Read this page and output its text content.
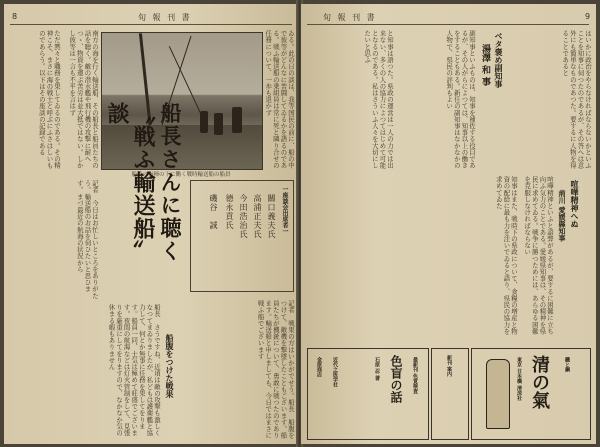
8	旬 報 刊 書
ゐる。此の日の談は、我等国民の前に、船の中で彼等がどんなに苦闘してゐるかを語るのである。戦ふ輸送船の乗組員は常に死と隣り合せの任務について、一歩も退かず
南方の海を行く輸送船、その船長と船員たちの話を聴く。敵の潜水艦や飛行機の攻撃に耐へつゝ、物資を運ぶ苦労は並大抵ではない。しかし彼等は一言も不平を言はず
ただ黙々と職務を果してゐるのである。その精神こそ、まさに海の戦士と呼ぶにふさはしいものであらう。以下はその座談の記録である
船長の指揮の下に働く戦時輸送船の船員
船長さんに聴く
〝戦ふ輸送船〟談
一座談会出席者一
關口義夫氏
高浦正夫氏
今田浩治氏
德永貢氏
磯谷　誠
記者　今日はお忙しいところをありがたう。輸送船のお話を伺ひたいと思ひます。まづ最近の航海の状況から
船長　さうですね、近頃は敵の攻撃も激しくなつてまゐりましたが、私どもは護衛艦と協力して、何とか無事に任務を果してをります。船員一同、士気は極めて旺盛でございます。夜間の航海などは灯火管制をして、見張りを厳重にしてをりますので、なかなか気の休まる暇もありません	船腹をつけた戦果	記者　戦果の方はいかがでせう。船長　船腹をつけて、敵機を撃墜したこともございます。船員たちが機銃について、勇敢に戦つたのであります。輸送船と申しましても、今日ではまさに戦ふ船でございます
9
旬 報 刊 書
ベタ褒め副知事
湯澤 和 事	はいかに政治をやらなければならないかといふことを知事に伺つたのであるが、その答へは意外にも簡単なものであつた。要するに人物を得ることであると
副知事といふものは、知事を補佐する役目であるが、その人がらによつては、知事以上の働きをすることもある。新任の副知事はなかなかの人物で、県民の評判もよい
と知事は語つた。県政の運営は一人の力では出来ない、多くの人の協力によつてはじめて可能となるのである。私はさういふ人々を大切にしたいと思ふ
知事はまた、戦時下の県政について、食糧の増産と物資の配給に最も力を注いでゐると語り、県民の協力を求めてゐた	喧嘩精神へぬ
荊川 愛媛縣知事
喧嘩精神といふと語弊があるが、要するに困難に立ち向ふ気力のことである。愛媛県知事は、その精神を県民に求めてゐる。戦争に勝つためには、あらゆる困難を克服しなければならない
色盲の話
石原 忍 著	最新刊 色覚検査
金原商店 近代之医学社	新刊 案内	清の氣	鐵と鋼
東京 日本橋 清涼社
